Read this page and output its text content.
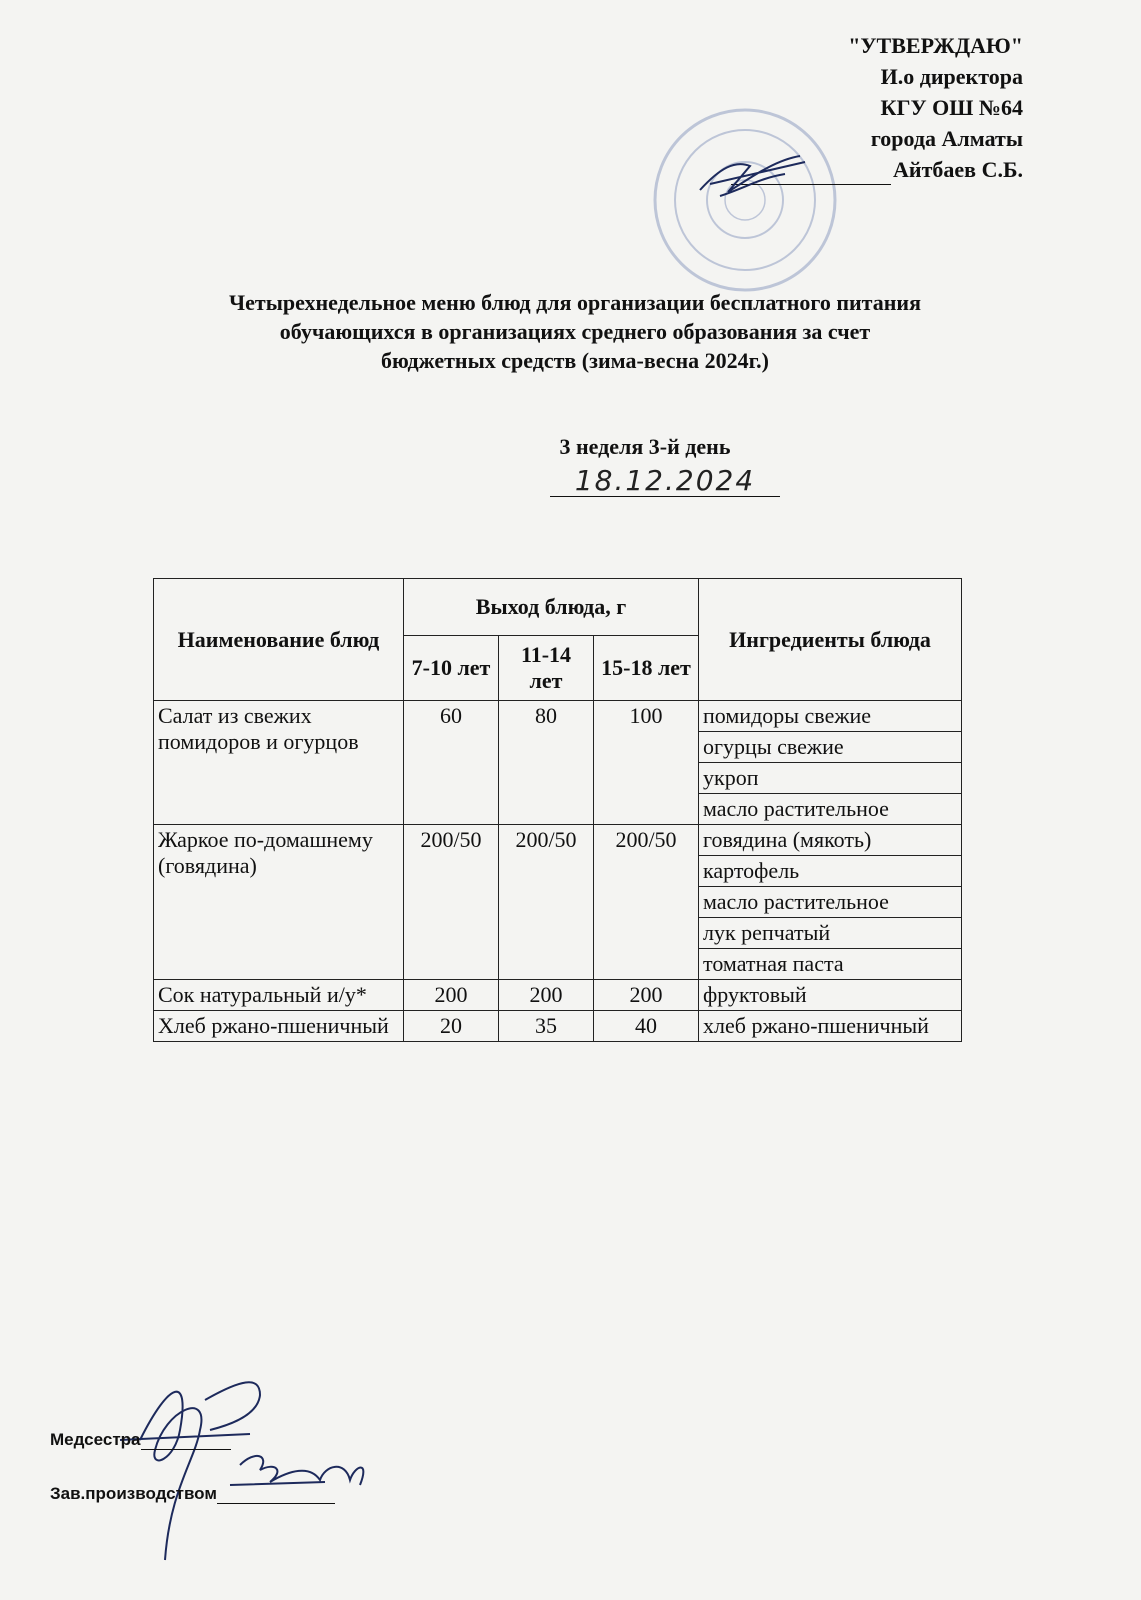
"УТВЕРЖДАЮ"
И.о директора
КГУ ОШ №64
города Алматы
Айтбаев С.Б.
Четырехнедельное меню блюд для организации бесплатного питания
обучающихся в организациях среднего образования за счет
бюджетных средств (зима-весна 2024г.)
3 неделя 3-й день
18.12.2024
Наименование блюд	Выход блюда, г			Ингредиенты блюда
	7-10 лет	11-14 лет	15-18 лет	
Салат из свежих помидоров и огурцов	60	80	100	помидоры свежие
				огурцы свежие
				укроп
				масло растительное
Жаркое по-домашнему (говядина)	200/50	200/50	200/50	говядина (мякоть)
				картофель
				масло растительное
				лук репчатый
				томатная паста
Сок натуральный и/у*	200	200	200	фруктовый
Хлеб ржано-пшеничный	20	35	40	хлеб ржано-пшеничный
Медсестра
Зав.производством
